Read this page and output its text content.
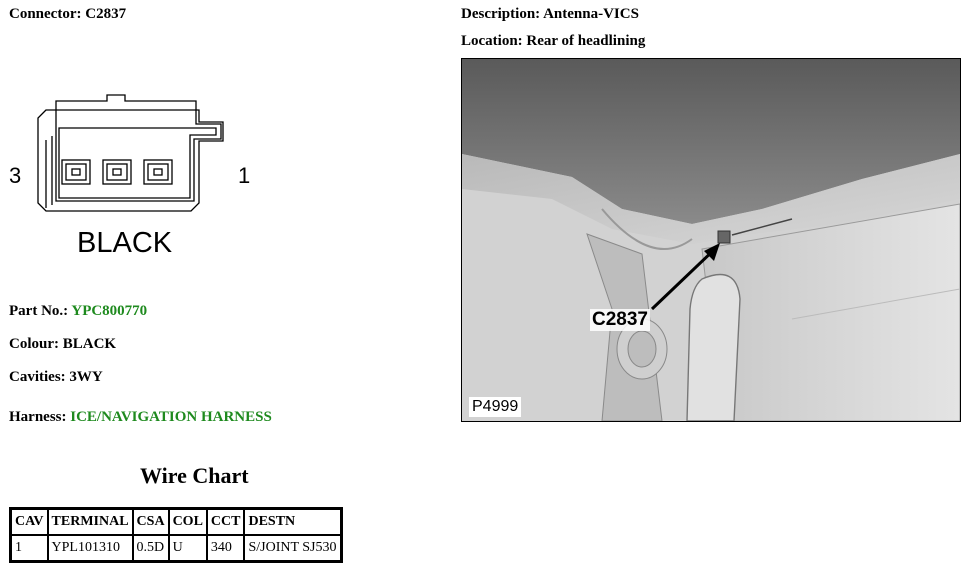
Connector: C2837	Description: Antenna-VICS
Location: Rear of headlining
3	1
BLACK
Part No.: YPC800770
Colour: BLACK
Cavities: 3WY
Harness: ICE/NAVIGATION HARNESS
Wire Chart
CAV	TERMINAL	CSA	COL	CCT	DESTN
1	YPL101310	0.5D	U	340	S/JOINT SJ530
C2837
P4999
